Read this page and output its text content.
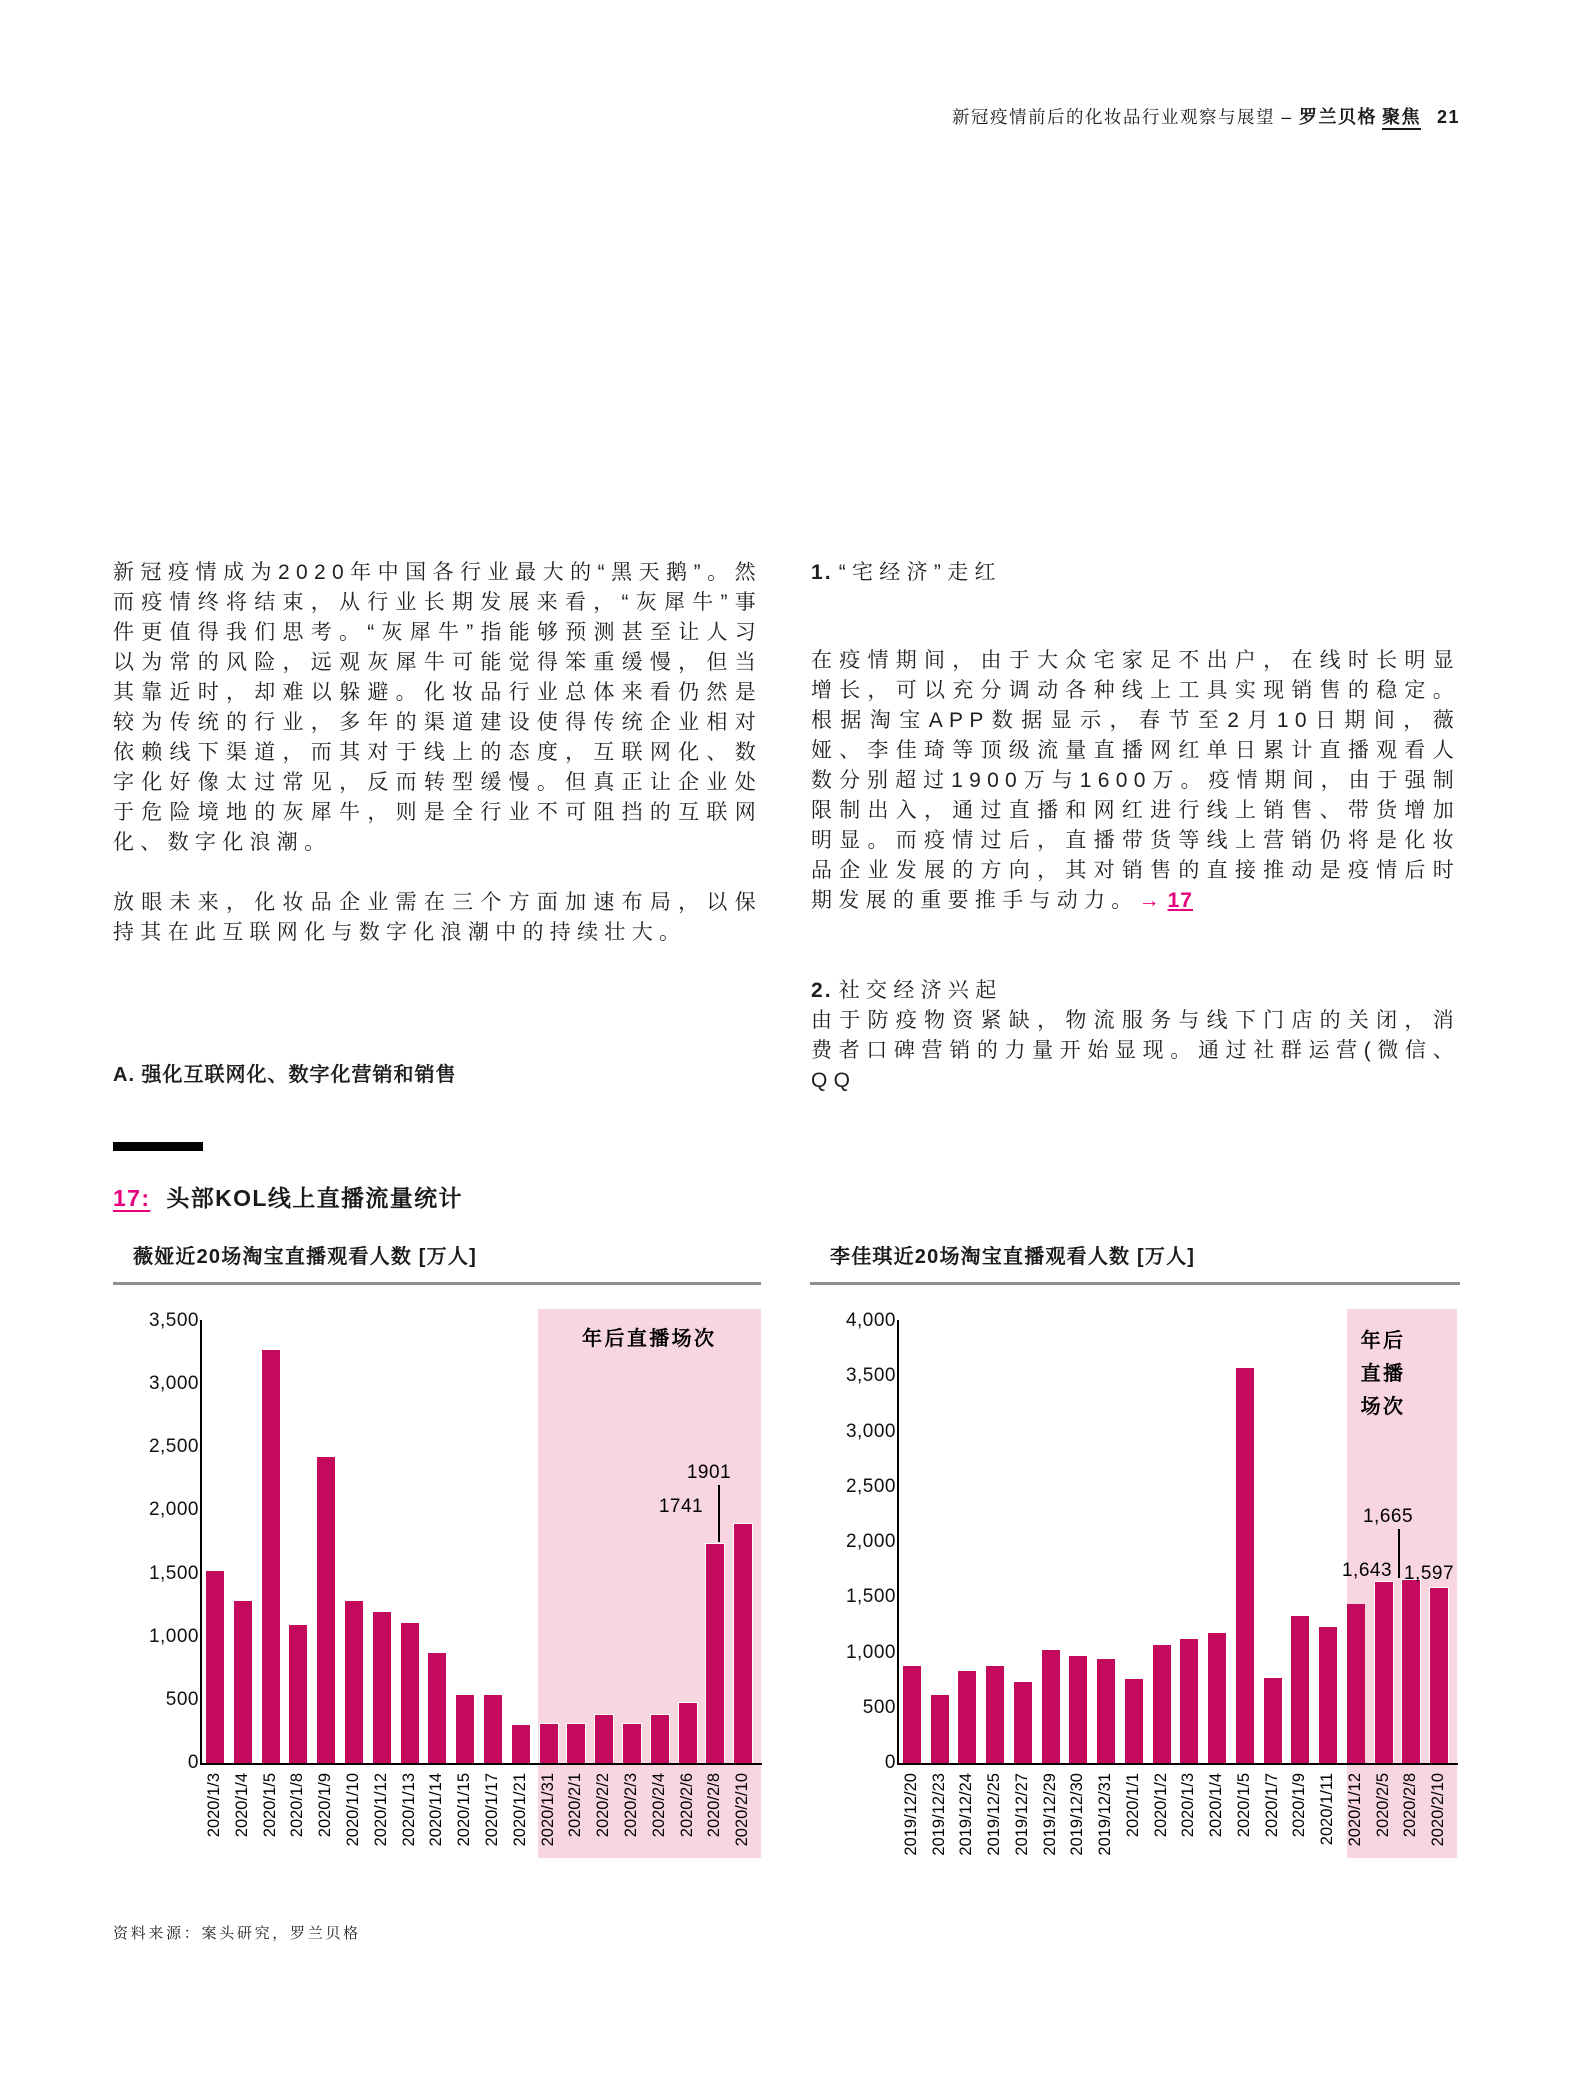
新冠疫情前后的化妆品行业观察与展望 – 罗兰贝格 聚焦 21

新冠疫情成为2020年中国各行业最大的“黑天鹅”。然而疫情终将结束，从行业长期发展来看，“灰犀牛”事件更值得我们思考。“灰犀牛”指能够预测甚至让人习以为常的风险，远观灰犀牛可能觉得笨重缓慢，但当其靠近时，却难以躲避。化妆品行业总体来看仍然是较为传统的行业，多年的渠道建设使得传统企业相对依赖线下渠道，而其对于线上的态度，互联网化、数字化好像太过常见，反而转型缓慢。但真正让企业处于危险境地的灰犀牛，则是全行业不可阻挡的互联网化、数字化浪潮。

放眼未来，化妆品企业需在三个方面加速布局，以保持其在此互联网化与数字化浪潮中的持续壮大。

A. 强化互联网化、数字化营销和销售

1. “宅经济”走红

在疫情期间，由于大众宅家足不出户，在线时长明显增长，可以充分调动各种线上工具实现销售的稳定。根据淘宝APP数据显示，春节至2月10日期间，薇娅、李佳琦等顶级流量直播网红单日累计直播观看人数分别超过1900万与1600万。疫情期间，由于强制限制出入，通过直播和网红进行线上销售、带货增加明显。而疫情过后，直播带货等线上营销仍将是化妆品企业发展的方向，其对销售的直接推动是疫情后时期发展的重要推手与动力。→ 17

2. 社交经济兴起

由于防疫物资紧缺，物流服务与线下门店的关闭，消费者口碑营销的力量开始显现。通过社群运营(微信、QQ

17: 头部KOL线上直播流量统计
薇娅近20场淘宝直播观看人数 [万人]
3,500
3,000
2,500
2,000
1,500
1,000
500
0
年后直播场次
2020/1/3 2020/1/4 2020/1/5 2020/1/8 2020/1/9 2020/1/10 2020/1/12 2020/1/13 2020/1/14 2020/1/15 2020/1/17 2020/1/21 2020/1/31 2020/2/1 2020/2/2 2020/2/3 2020/2/4 2020/2/6 2020/2/8 2020/2/10
1741
1901
李佳琪近20场淘宝直播观看人数 [万人]
4,000
3,500
3,000
2,500
2,000
1,500
1,000
500
0
年后
直播
场次
2019/12/20 2019/12/23 2019/12/24 2019/12/25 2019/12/27 2019/12/29 2019/12/30 2019/12/31 2020/1/1 2020/1/2 2020/1/3 2020/1/4 2020/1/5 2020/1/7 2020/1/9 2020/1/11 2020/1/12 2020/2/5 2020/2/8 2020/2/10
1,643
1,665
1,597
资料来源：案头研究，罗兰贝格
